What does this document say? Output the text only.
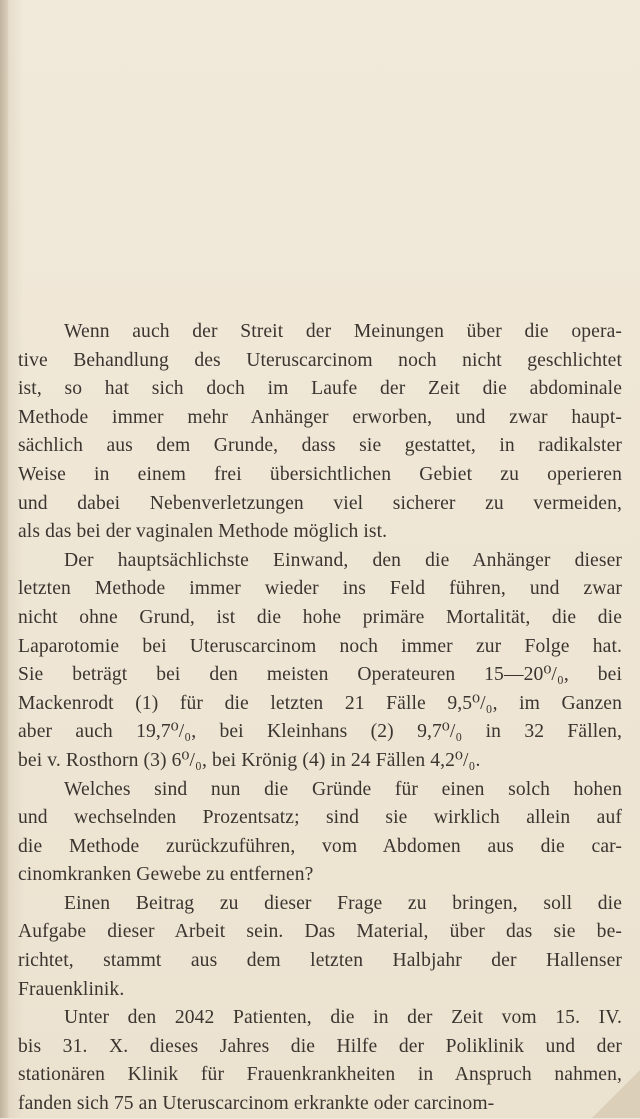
Wenn auch der Streit der Meinungen über die opera-
tive Behandlung des Uteruscarcinom noch nicht geschlichtet
ist, so hat sich doch im Laufe der Zeit die abdominale
Methode immer mehr Anhänger erworben, und zwar haupt-
sächlich aus dem Grunde, dass sie gestattet, in radikalster
Weise in einem frei übersichtlichen Gebiet zu operieren
und dabei Nebenverletzungen viel sicherer zu vermeiden,
als das bei der vaginalen Methode möglich ist.
Der hauptsächlichste Einwand, den die Anhänger dieser
letzten Methode immer wieder ins Feld führen, und zwar
nicht ohne Grund, ist die hohe primäre Mortalität, die die
Laparotomie bei Uteruscarcinom noch immer zur Folge hat.
Sie beträgt bei den meisten Operateuren 15—20⁰/₀, bei
Mackenrodt (1) für die letzten 21 Fälle 9,5⁰/₀, im Ganzen
aber auch 19,7⁰/₀, bei Kleinhans (2) 9,7⁰/₀ in 32 Fällen,
bei v. Rosthorn (3) 6⁰/₀, bei Krönig (4) in 24 Fällen 4,2⁰/₀.
Welches sind nun die Gründe für einen solch hohen
und wechselnden Prozentsatz; sind sie wirklich allein auf
die Methode zurückzuführen, vom Abdomen aus die car-
cinomkranken Gewebe zu entfernen?
Einen Beitrag zu dieser Frage zu bringen, soll die
Aufgabe dieser Arbeit sein. Das Material, über das sie be-
richtet, stammt aus dem letzten Halbjahr der Hallenser
Frauenklinik.
Unter den 2042 Patienten, die in der Zeit vom 15. IV.
bis 31. X. dieses Jahres die Hilfe der Poliklinik und der
stationären Klinik für Frauenkrankheiten in Anspruch nahmen,
fanden sich 75 an Uteruscarcinom erkrankte oder carcinom-
